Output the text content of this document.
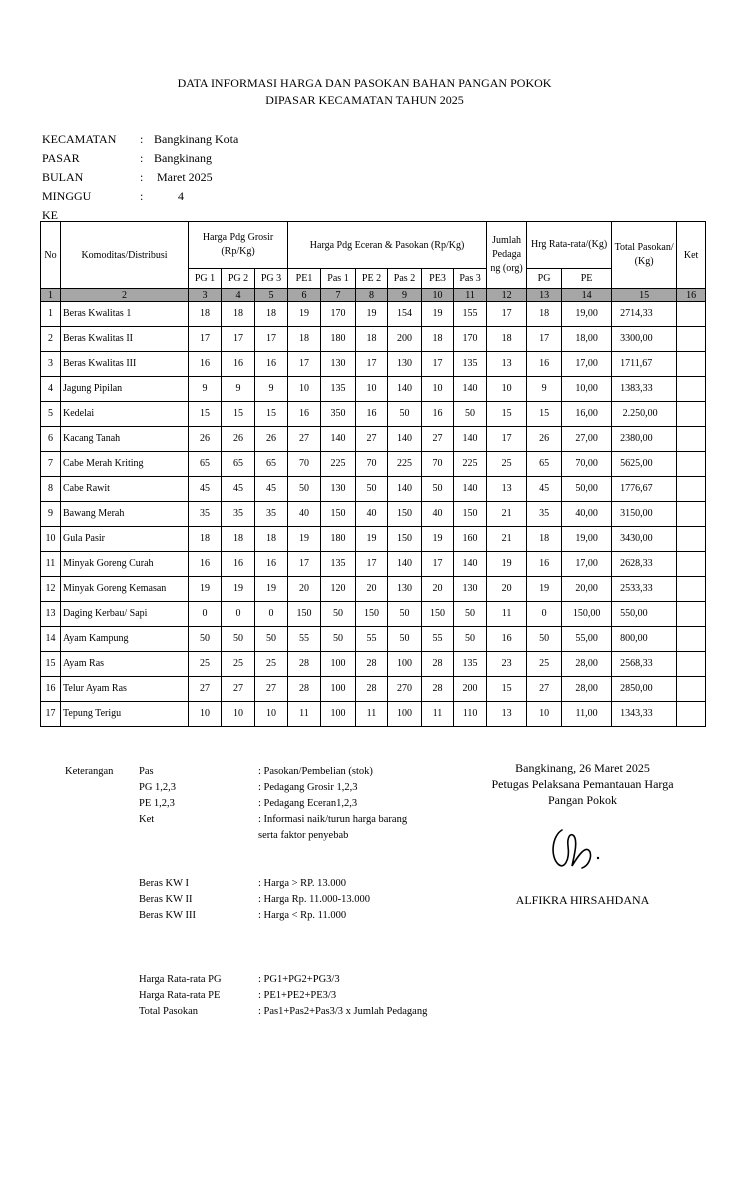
DATA INFORMASI HARGA DAN PASOKAN BAHAN PANGAN POKOK
DIPASAR KECAMATAN TAHUN 2025
KECAMATAN : Bangkinang Kota
PASAR	: Bangkinang
BULAN	: Maret 2025
MINGGU KE
: 4
No	Komoditas/Distribusi	Harga Pdg Grosir (Rp/Kg)			Harga Pdg Eceran & Pasokan (Rp/Kg)						Jumlah Pedaga ng (org)	Hrg Rata-rata/(Kg)		Total Pasokan/ (Kg)	Ket
		PG 1	PG 2	PG 3	PE1	Pas 1	PE 2	Pas 2	PE3	Pas 3		PG	PE		
1	2	3	4	5	6	7	8	9	10	11	12	13	14	15	16
1	Beras Kwalitas 1	18	18	18	19	170	19	154	19	155	17	18	19,00	2714,33	
2	Beras Kwalitas II	17	17	17	18	180	18	200	18	170	18	17	18,00	3300,00	
3	Beras Kwalitas III	16	16	16	17	130	17	130	17	135	13	16	17,00	1711,67	
4	Jagung Pipilan	9	9	9	10	135	10	140	10	140	10	9	10,00	1383,33	
5	Kedelai	15	15	15	16	350	16	50	16	50	15	15	16,00	2.250,00	
6	Kacang Tanah	26	26	26	27	140	27	140	27	140	17	26	27,00	2380,00	
7	Cabe Merah Kriting	65	65	65	70	225	70	225	70	225	25	65	70,00	5625,00	
8	Cabe Rawit	45	45	45	50	130	50	140	50	140	13	45	50,00	1776,67	
9	Bawang Merah	35	35	35	40	150	40	150	40	150	21	35	40,00	3150,00	
10	Gula Pasir	18	18	18	19	180	19	150	19	160	21	18	19,00	3430,00	
11	Minyak Goreng Curah	16	16	16	17	135	17	140	17	140	19	16	17,00	2628,33	
12	Minyak Goreng Kemasan	19	19	19	20	120	20	130	20	130	20	19	20,00	2533,33	
13	Daging Kerbau/ Sapi	0	0	0	150	50	150	50	150	50	11	0	150,00	550,00	
14	Ayam Kampung	50	50	50	55	50	55	50	55	50	16	50	55,00	800,00	
15	Ayam Ras	25	25	25	28	100	28	100	28	135	23	25	28,00	2568,33	
16	Telur Ayam Ras	27	27	27	28	100	28	270	28	200	15	27	28,00	2850,00	
17	Tepung Terigu	10	10	10	11	100	11	100	11	110	13	10	11,00	1343,33	
Keterangan Pas	: Pasokan/Pembelian (stok)
PG 1,2,3	: Pedagang Grosir 1,2,3
PE 1,2,3	: Pedagang Eceran1,2,3
Ket	: Informasi naik/turun harga barang
serta faktor penyebab
Beras KW I	: Harga > RP. 13.000
Beras KW II	: Harga Rp. 11.000-13.000
Beras KW III	: Harga < Rp. 11.000
Harga Rata-rata PG	: PG1+PG2+PG3/3
Harga Rata-rata PE	: PE1+PE2+PE3/3
Total Pasokan	: Pas1+Pas2+Pas3/3 x Jumlah Pedagang
Bangkinang, 26 Maret 2025
Petugas Pelaksana Pemantauan Harga
Pangan Pokok
ALFIKRA HIRSAHDANA
